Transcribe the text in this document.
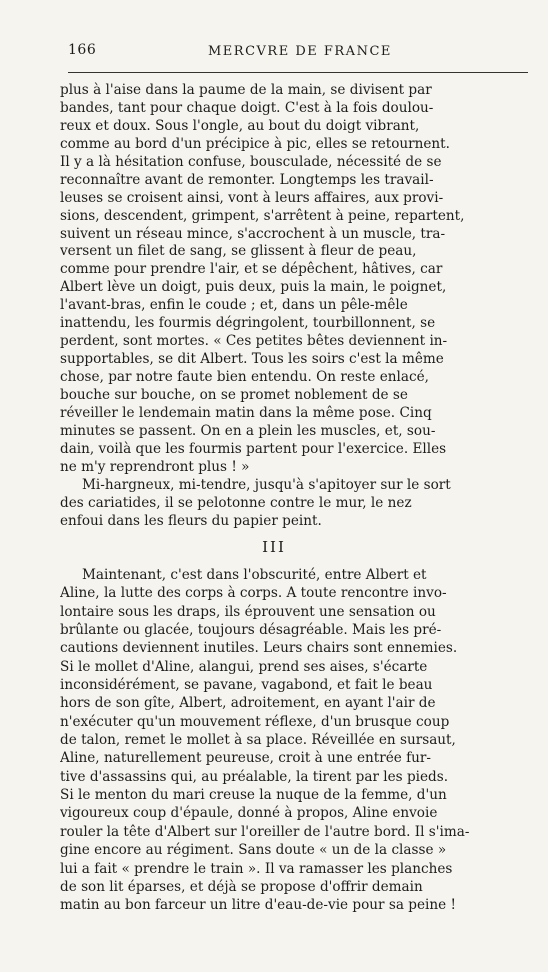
166	MERCVRE DE FRANCE
plus à l'aise dans la paume de la main, se divisent par
bandes, tant pour chaque doigt. C'est à la fois doulou-
reux et doux. Sous l'ongle, au bout du doigt vibrant,
comme au bord d'un précipice à pic, elles se retournent.
Il y a là hésitation confuse, bousculade, nécessité de se
reconnaître avant de remonter. Longtemps les travail-
leuses se croisent ainsi, vont à leurs affaires, aux provi-
sions, descendent, grimpent, s'arrêtent à peine, repartent,
suivent un réseau mince, s'accrochent à un muscle, tra-
versent un filet de sang, se glissent à fleur de peau,
comme pour prendre l'air, et se dépêchent, hâtives, car
Albert lève un doigt, puis deux, puis la main, le poignet,
l'avant-bras, enfin le coude ; et, dans un pêle-mêle
inattendu, les fourmis dégringolent, tourbillonnent, se
perdent, sont mortes. « Ces petites bêtes deviennent in-
supportables, se dit Albert. Tous les soirs c'est la même
chose, par notre faute bien entendu. On reste enlacé,
bouche sur bouche, on se promet noblement de se
réveiller le lendemain matin dans la même pose. Cinq
minutes se passent. On en a plein les muscles, et, sou-
dain, voilà que les fourmis partent pour l'exercice. Elles
ne m'y reprendront plus ! »
Mi-hargneux, mi-tendre, jusqu'à s'apitoyer sur le sort
des cariatides, il se pelotonne contre le mur, le nez
enfoui dans les fleurs du papier peint.
III
Maintenant, c'est dans l'obscurité, entre Albert et
Aline, la lutte des corps à corps. A toute rencontre invo-
lontaire sous les draps, ils éprouvent une sensation ou
brûlante ou glacée, toujours désagréable. Mais les pré-
cautions deviennent inutiles. Leurs chairs sont ennemies.
Si le mollet d'Aline, alangui, prend ses aises, s'écarte
inconsidérément, se pavane, vagabond, et fait le beau
hors de son gîte, Albert, adroitement, en ayant l'air de
n'exécuter qu'un mouvement réflexe, d'un brusque coup
de talon, remet le mollet à sa place. Réveillée en sursaut,
Aline, naturellement peureuse, croit à une entrée fur-
tive d'assassins qui, au préalable, la tirent par les pieds.
Si le menton du mari creuse la nuque de la femme, d'un
vigoureux coup d'épaule, donné à propos, Aline envoie
rouler la tête d'Albert sur l'oreiller de l'autre bord. Il s'ima-
gine encore au régiment. Sans doute « un de la classe »
lui a fait « prendre le train ». Il va ramasser les planches
de son lit éparses, et déjà se propose d'offrir demain
matin au bon farceur un litre d'eau-de-vie pour sa peine !
